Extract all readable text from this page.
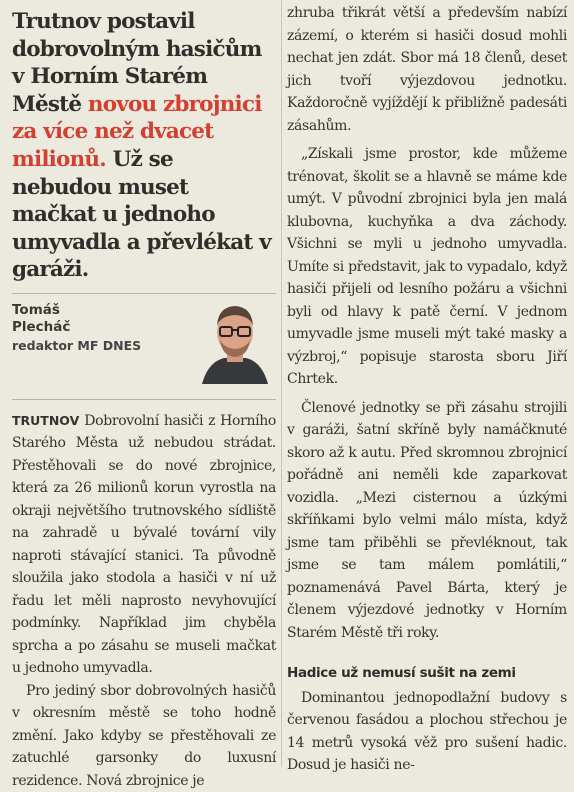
Trutnov postavil dobrovolným hasičům v Horním Starém Městě novou zbrojnici za více než dvacet milionů. Už se nebudou muset mačkat u jednoho umyvadla a převlékat v garáži.
Tomáš
Plecháč
redaktor MF DNES

TRUTNOV Dobrovolní hasiči z Horního Starého Města už nebudou strádat. Přestěhovali se do nové zbrojnice, která za 26 milionů korun vyrostla na okraji největšího trutnovského sídliště na zahradě u bývalé tovární vily naproti stávající stanici. Ta původně sloužila jako stodola a hasiči v ní už řadu let měli naprosto nevyhovující podmínky. Například jim chyběla sprcha a po zásahu se museli mačkat u jednoho umyvadla.

Pro jediný sbor dobrovolných hasičů v okresním městě se toho hodně změní. Jako kdyby se přestěhovali ze zatuchlé garsonky do luxusní rezidence. Nová zbrojnice je

zhruba třikrát větší a především nabízí zázemí, o kterém si hasiči dosud mohli nechat jen zdát. Sbor má 18 členů, deset jich tvoří výjezdovou jednotku. Každoročně vyjíždějí k přibližně padesáti zásahům.

„Získali jsme prostor, kde můžeme trénovat, školit se a hlavně se máme kde umýt. V původní zbrojnici byla jen malá klubovna, kuchyňka a dva záchody. Všichni se myli u jednoho umyvadla. Umíte si představit, jak to vypadalo, když hasiči přijeli od lesního požáru a všichni byli od hlavy k patě černí. V jednom umyvadle jsme museli mýt také masky a výzbroj,“ popisuje starosta sboru Jiří Chrtek.

Členové jednotky se při zásahu strojili v garáži, šatní skříně byly namáčknuté skoro až k autu. Před skromnou zbrojnicí pořádně ani neměli kde zaparkovat vozidla. „Mezi cisternou a úzkými skříňkami bylo velmi málo místa, když jsme tam přiběhli se převléknout, tak jsme se tam málem pomlátili,“ poznamenává Pavel Bárta, který je členem výjezdové jednotky v Horním Starém Městě tři roky.

Hadice už nemusí sušit na zemi

Dominantou jednopodlažní budovy s červenou fasádou a plochou střechou je 14 metrů vysoká věž pro sušení hadic. Dosud je hasiči ne-
